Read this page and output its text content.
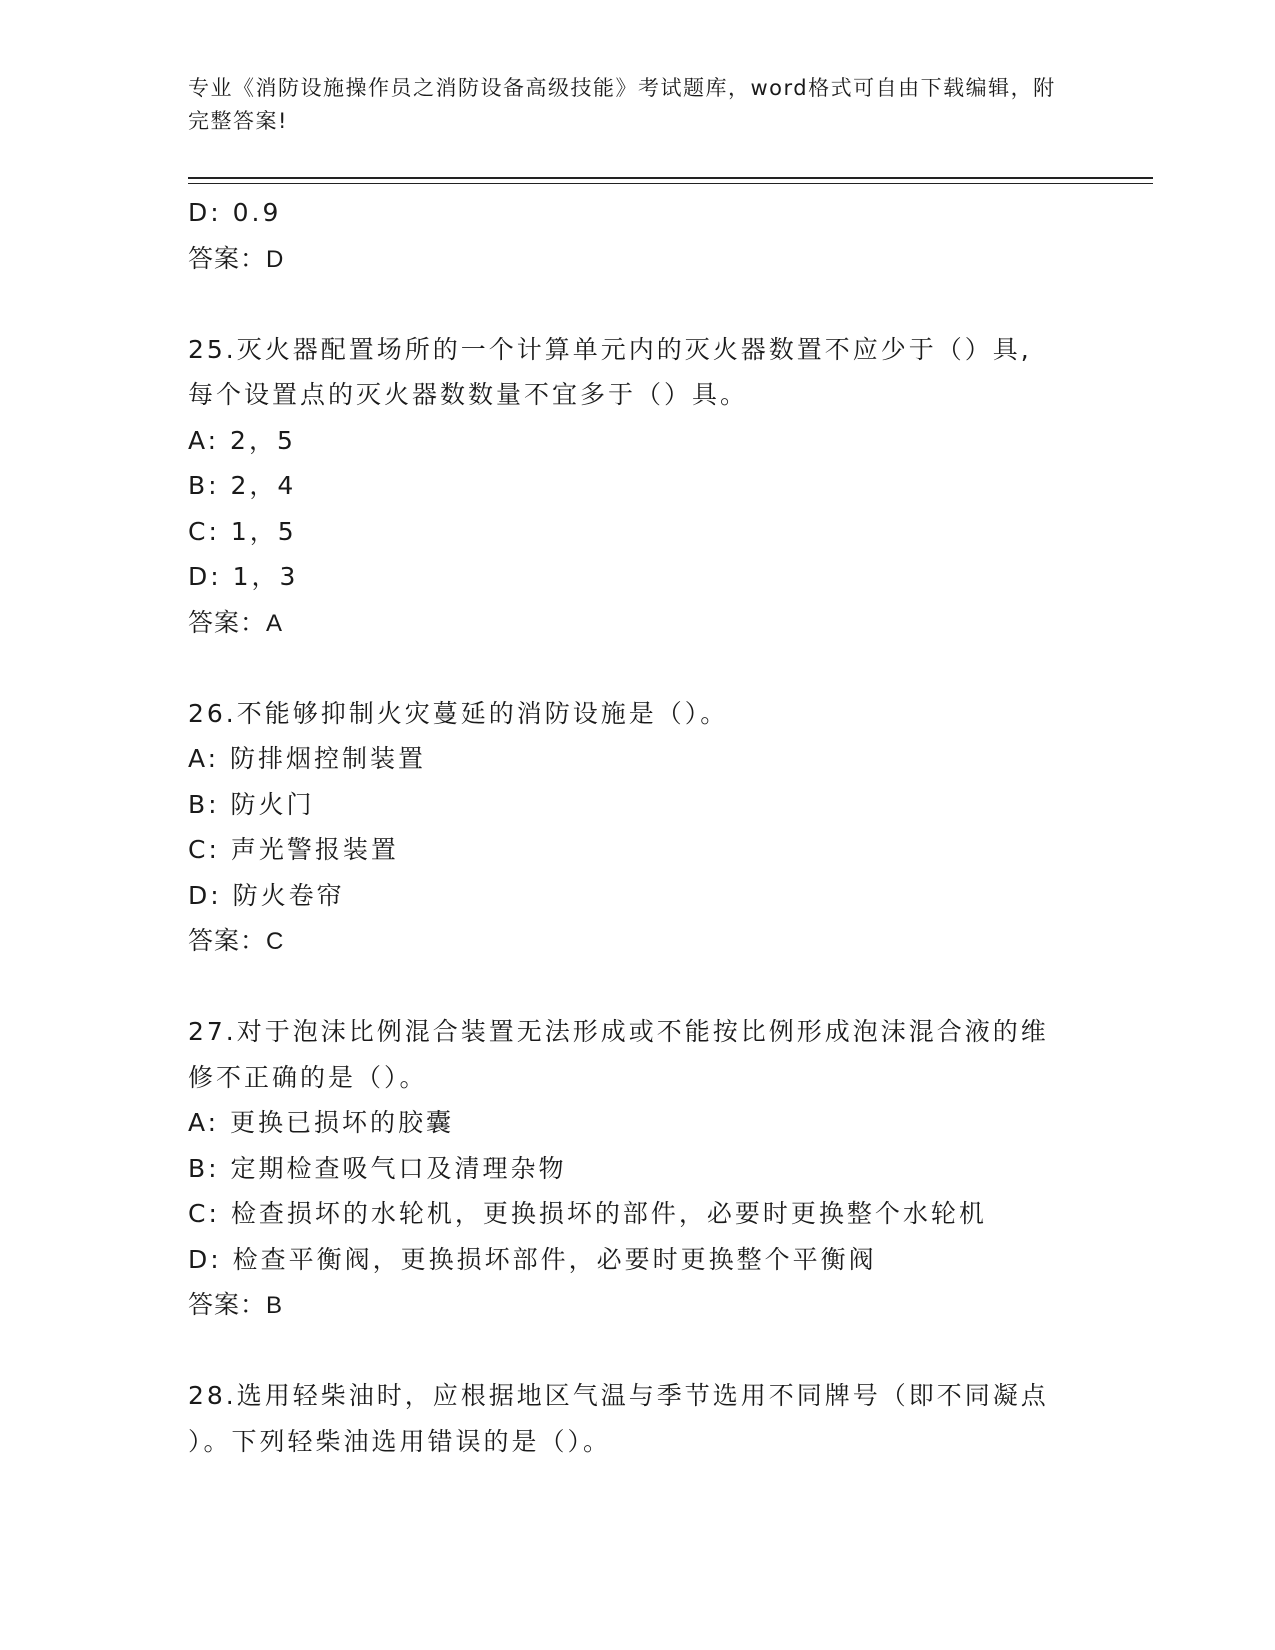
专业《消防设施操作员之消防设备高级技能》考试题库，word格式可自由下载编辑，附完整答案!
D: 0.9
答案：D
25.灭火器配置场所的一个计算单元内的灭火器数置不应少于（）具,
每个设置点的灭火器数数量不宜多于（）具。
A: 2，5
B: 2，4
C: 1，5
D: 1，3
答案：A
26.不能够抑制火灾蔓延的消防设施是（）。
A: 防排烟控制装置
B: 防火门
C: 声光警报装置
D: 防火卷帘
答案：C
27.对于泡沫比例混合装置无法形成或不能按比例形成泡沫混合液的维
修不正确的是（）。
A: 更换已损坏的胶囊
B: 定期检查吸气口及清理杂物
C: 检查损坏的水轮机，更换损坏的部件，必要时更换整个水轮机
D: 检查平衡阀，更换损坏部件，必要时更换整个平衡阀
答案：B
28.选用轻柴油时，应根据地区气温与季节选用不同牌号（即不同凝点
）。下列轻柴油选用错误的是（）。
